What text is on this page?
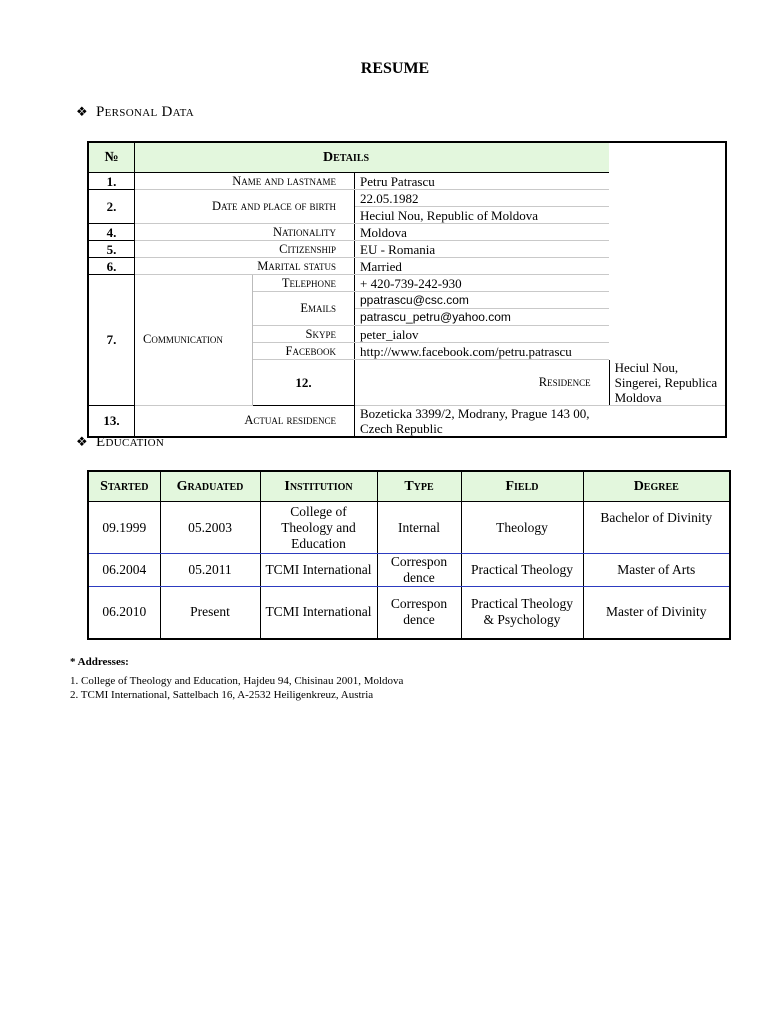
RESUME
❖ Personal Data
№	Details			
1.	Name and lastname		Petru Patrascu	
2.	Date and place of birth		22.05.1982	
			Heciul Nou, Republic of Moldova	
4.	Nationality		Moldova	
5.	Citizenship		EU - Romania	
6.	Marital status		Married	
7.	Communication	Telephone	+ 420-739-242-930	
		Emails	ppatrascu@csc.com	
			patrascu_petru@yahoo.com	
		Skype	peter_ialov	
		Facebook	http://www.facebook.com/petru.patrascu	
		12.	Residence	Heciul Nou, Singerei, Republica Moldova
13.	Actual residence		Bozeticka 3399/2, Modrany, Prague 143 00, Czech Republic	
❖ Education
Started	Graduated	Institution	Type	Field	Degree
09.1999	05.2003	College of Theology and Education	Internal	Theology	Bachelor of Divinity
06.2004	05.2011	TCMI International	Correspon dence	Practical Theology	Master of Arts
06.2010	Present	TCMI International	Correspon dence	Practical Theology & Psychology	Master of Divinity
* Addresses:
1. College of Theology and Education, Hajdeu 94, Chisinau 2001, Moldova
2. TCMI International, Sattelbach 16, A-2532 Heiligenkreuz, Austria
